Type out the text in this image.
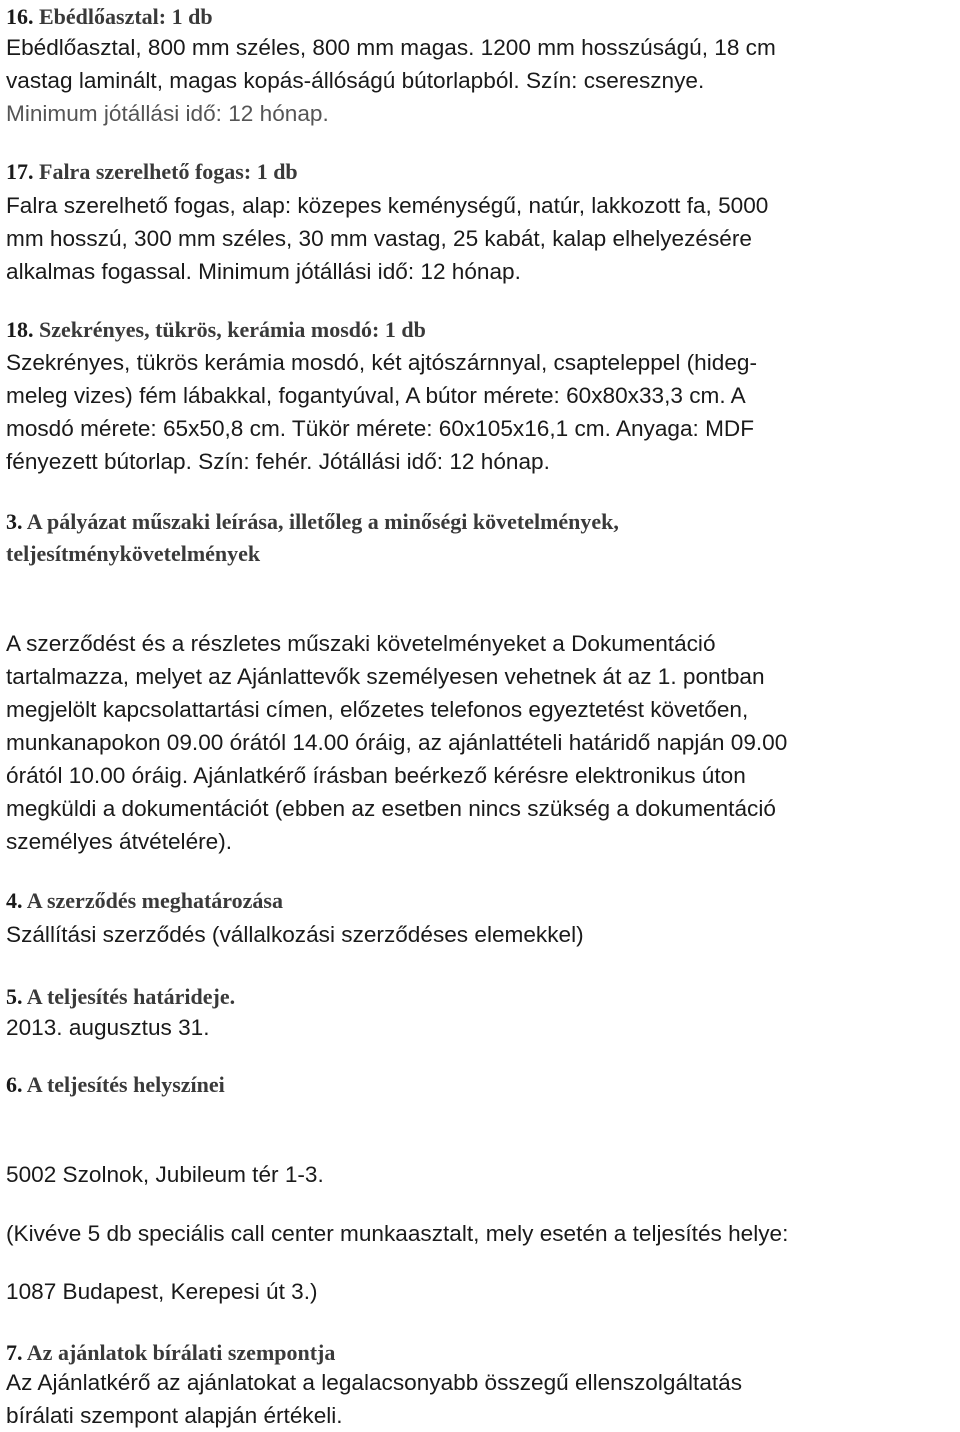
16. Ebédlőasztal: 1 db
Ebédlőasztal, 800 mm széles, 800 mm magas. 1200 mm hosszúságú, 18 cm
vastag laminált, magas kopás-állóságú bútorlapból. Szín: cseresznye.
Minimum jótállási idő: 12 hónap.
17. Falra szerelhető fogas: 1 db
Falra szerelhető fogas, alap: közepes keménységű, natúr, lakkozott fa, 5000
mm hosszú, 300 mm széles, 30 mm vastag, 25 kabát, kalap elhelyezésére
alkalmas fogassal. Minimum jótállási idő: 12 hónap.
18. Szekrényes, tükrös, kerámia mosdó: 1 db
Szekrényes, tükrös kerámia mosdó, két ajtószárnnyal, csapteleppel (hideg-
meleg vizes) fém lábakkal, fogantyúval, A bútor mérete: 60x80x33,3 cm. A
mosdó mérete: 65x50,8 cm. Tükör mérete: 60x105x16,1 cm. Anyaga: MDF
fényezett bútorlap. Szín: fehér. Jótállási idő: 12 hónap.
3. A pályázat műszaki leírása, illetőleg a minőségi követelmények,
teljesítménykövetelmények
A szerződést és a részletes műszaki követelményeket a Dokumentáció
tartalmazza, melyet az Ajánlattevők személyesen vehetnek át az 1. pontban
megjelölt kapcsolattartási címen, előzetes telefonos egyeztetést követően,
munkanapokon 09.00 órától 14.00 óráig, az ajánlattételi határidő napján 09.00
órától 10.00 óráig. Ajánlatkérő írásban beérkező kérésre elektronikus úton
megküldi a dokumentációt (ebben az esetben nincs szükség a dokumentáció
személyes átvételére).
4. A szerződés meghatározása
Szállítási szerződés (vállalkozási szerződéses elemekkel)
5. A teljesítés határideje.
2013. augusztus 31.
6. A teljesítés helyszínei
5002 Szolnok, Jubileum tér 1-3.
(Kivéve 5 db speciális call center munkaasztalt, mely esetén a teljesítés helye:
1087 Budapest, Kerepesi út 3.)
7. Az ajánlatok bírálati szempontja
Az Ajánlatkérő az ajánlatokat a legalacsonyabb összegű ellenszolgáltatás
bírálati szempont alapján értékeli.
